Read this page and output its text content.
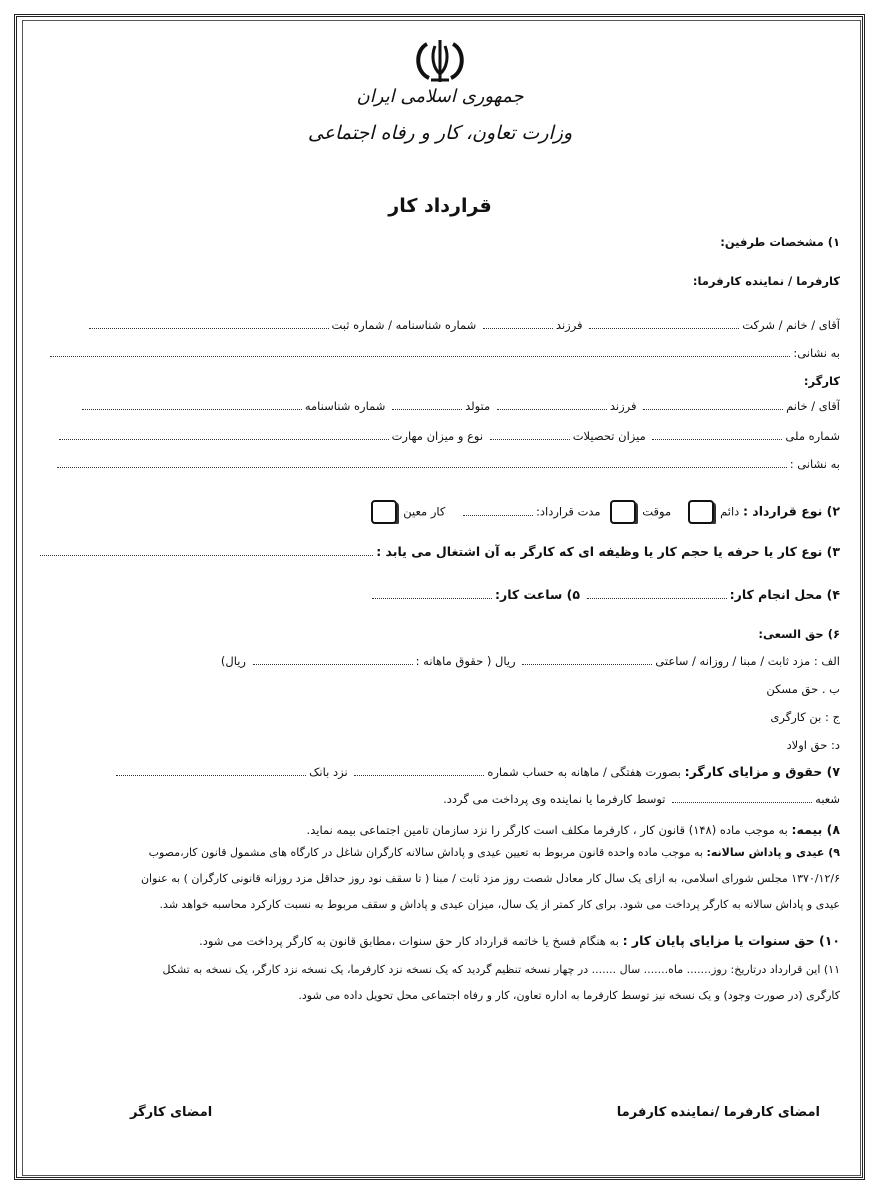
جمهوری اسلامی ایران
وزارت تعاون، کار و رفاه اجتماعی
قرارداد کار
۱) مشخصات طرفین:
کارفرما / نماینده کارفرما:
آقای / خانم / شرکت فرزند شماره شناسنامه / شماره ثبت
به نشانی:
کارگر:
آقای / خانم فرزند متولد شماره شناسنامه
شماره ملی میزان تحصیلات نوع و میزان مهارت
به نشانی :
۲) نوع قرارداد : دائم   موقت مدت قرارداد:    کار معین
۳) نوع کار یا حرفه یا حجم کار یا وظیفه ای که کارگر به آن اشتغال می یابد :
۴) محل انجام کار: ۵) ساعت کار:
۶) حق السعی:
الف : مزد ثابت / مبنا / روزانه / ساعتی ریال ( حقوق ماهانه : ریال)
ب . حق مسکن
ج : بن کارگری
د: حق اولاد
۷) حقوق و مزایای کارگر: بصورت هفتگی / ماهانه به حساب شماره نزد بانک
شعبه توسط کارفرما یا نماینده وی پرداخت می گردد.
۸) بیمه: به موجب ماده (۱۴۸) قانون کار ، کارفرما مکلف است کارگر را نزد سازمان تامین اجتماعی بیمه نماید.
۹) عیدی و پاداش سالانه: به موجب ماده واحده قانون مربوط به تعیین عیدی و پاداش سالانه کارگران شاغل در کارگاه های مشمول قانون کار،مصوب
۱۳۷۰/۱۲/۶ مجلس شورای اسلامی، به ازای یک سال کار معادل شصت روز مزد ثابت / مبنا ( تا سقف نود روز حداقل مزد روزانه قانونی کارگران ) به عنوان
عیدی و پاداش سالانه به کارگر پرداخت می شود. برای کار کمتر از یک سال، میزان عیدی و پاداش و سقف مربوط به نسبت کارکرد محاسبه خواهد شد.
۱۰) حق سنوات یا مزایای پایان کار : به هنگام فسخ یا خاتمه قرارداد کار حق سنوات ،مطابق قانون به کارگر پرداخت می شود.
۱۱) این قرارداد درتاریخ: روز....... ماه....... سال ....... در چهار نسخه تنظیم گردید که یک نسخه نزد کارفرما، یک نسخه نزد کارگر، یک نسخه به تشکل
کارگری (در صورت وجود) و یک نسخه نیز توسط کارفرما به اداره تعاون، کار و رفاه اجتماعی محل تحویل داده می شود.
امضای کارفرما /نماینده کارفرما
امضای کارگر
